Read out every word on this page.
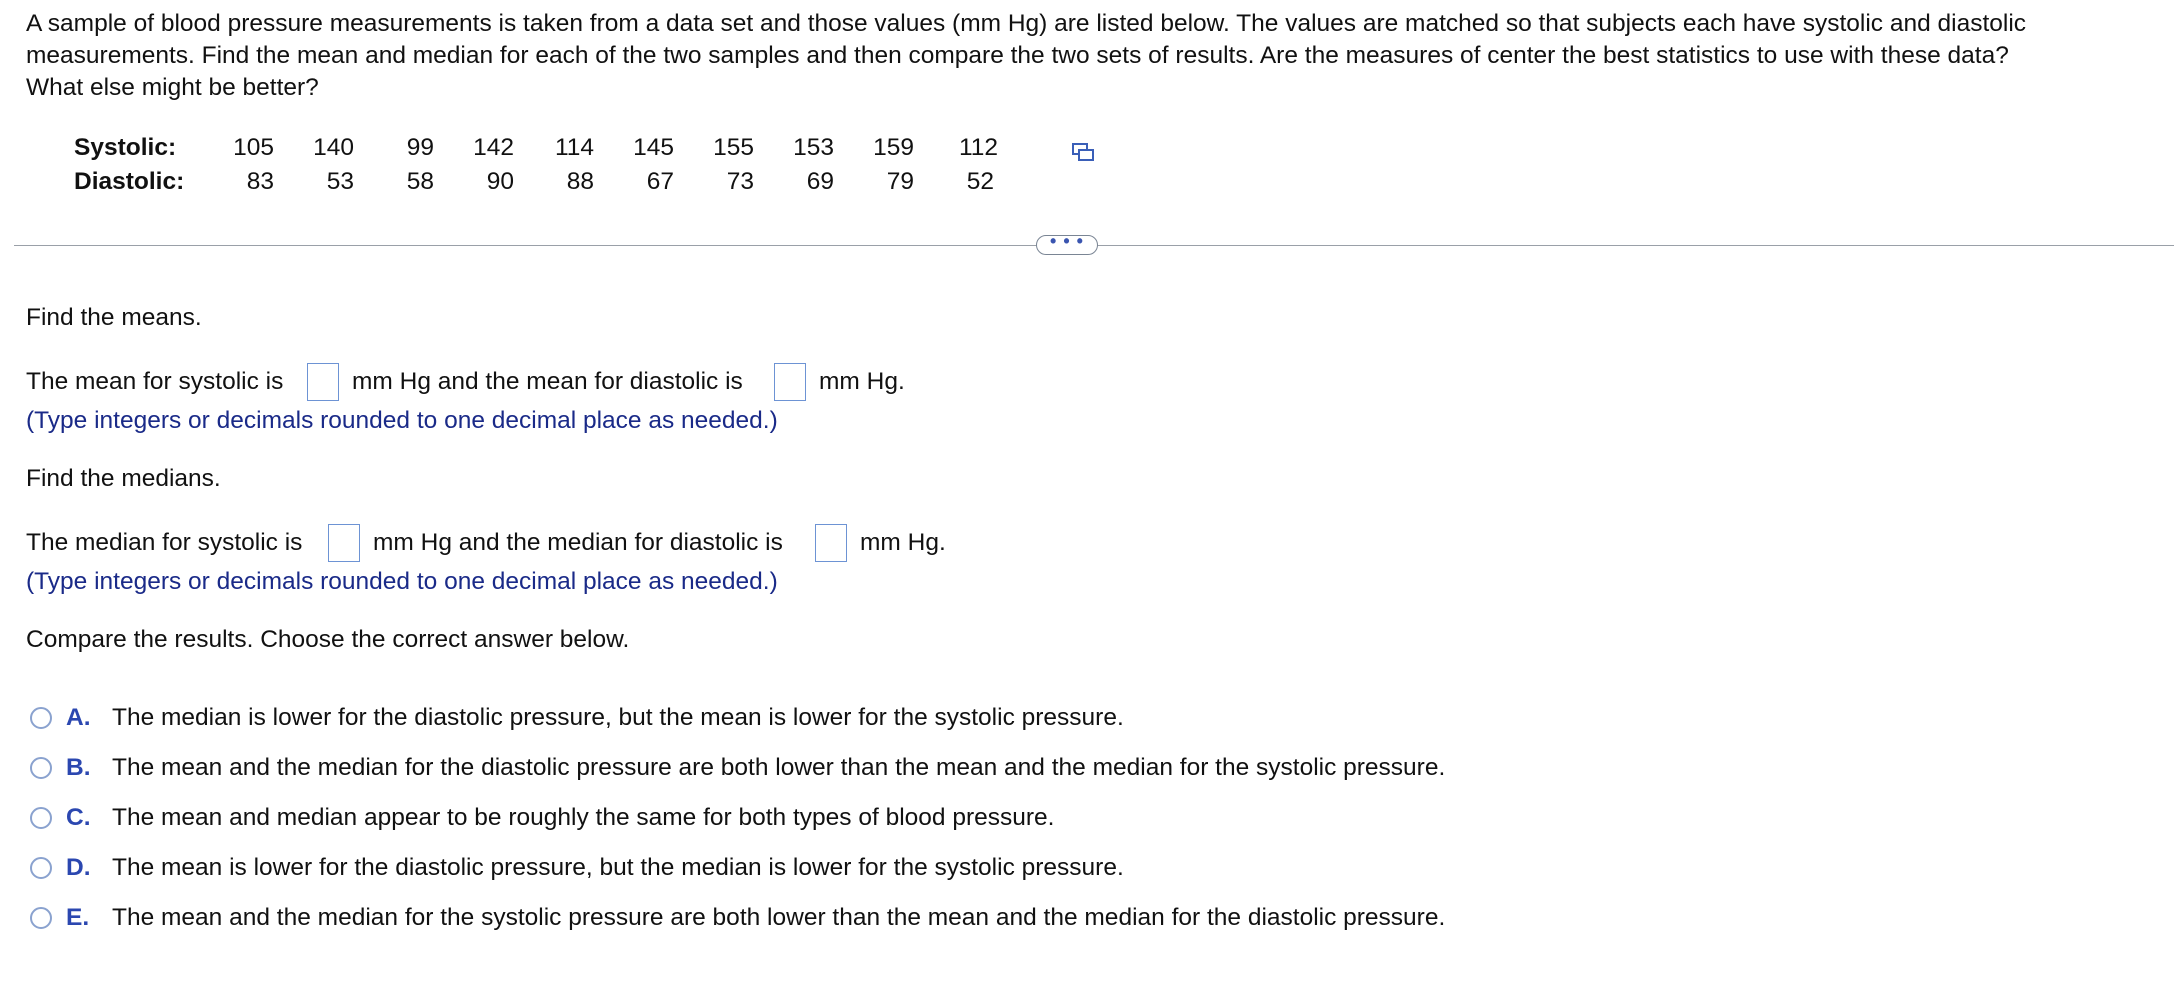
A sample of blood pressure measurements is taken from a data set and those values (mm Hg) are listed below. The values are matched so that subjects each have systolic and diastolic
measurements. Find the mean and median for each of the two samples and then compare the two sets of results. Are the measures of center the best statistics to use with these data?
What else might be better?
Systolic:	105	140	99	142	114	145	155	153	159	112
Diastolic:	83	53	58	90	88	67	73	69	79	52
• • •
Find the means.
The mean for systolic is	mm Hg and the mean for diastolic is	mm Hg.
(Type integers or decimals rounded to one decimal place as needed.)
Find the medians.
The median for systolic is	mm Hg and the median for diastolic is	mm Hg.
(Type integers or decimals rounded to one decimal place as needed.)
Compare the results. Choose the correct answer below.
A. The median is lower for the diastolic pressure, but the mean is lower for the systolic pressure.
B. The mean and the median for the diastolic pressure are both lower than the mean and the median for the systolic pressure.
C. The mean and median appear to be roughly the same for both types of blood pressure.
D. The mean is lower for the diastolic pressure, but the median is lower for the systolic pressure.
E. The mean and the median for the systolic pressure are both lower than the mean and the median for the diastolic pressure.
